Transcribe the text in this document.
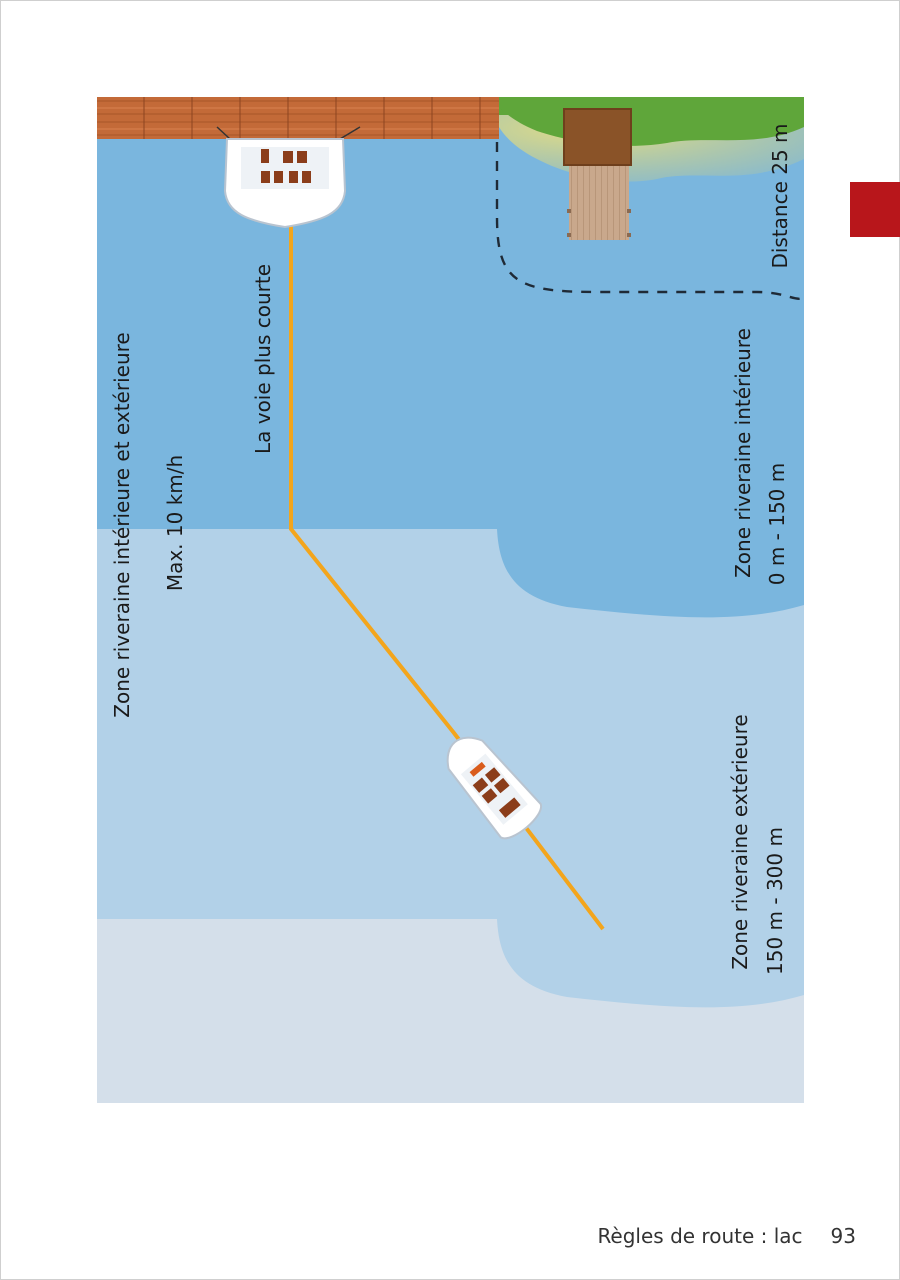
Zone riveraine intérieure et extérieure Max. 10 km/h
La voie plus courte	Zone riveraine intérieure 0 m - 150 m
Zone riveraine extérieure 150 m - 300 m
Distance 25 m
Règles de route : lac 93
